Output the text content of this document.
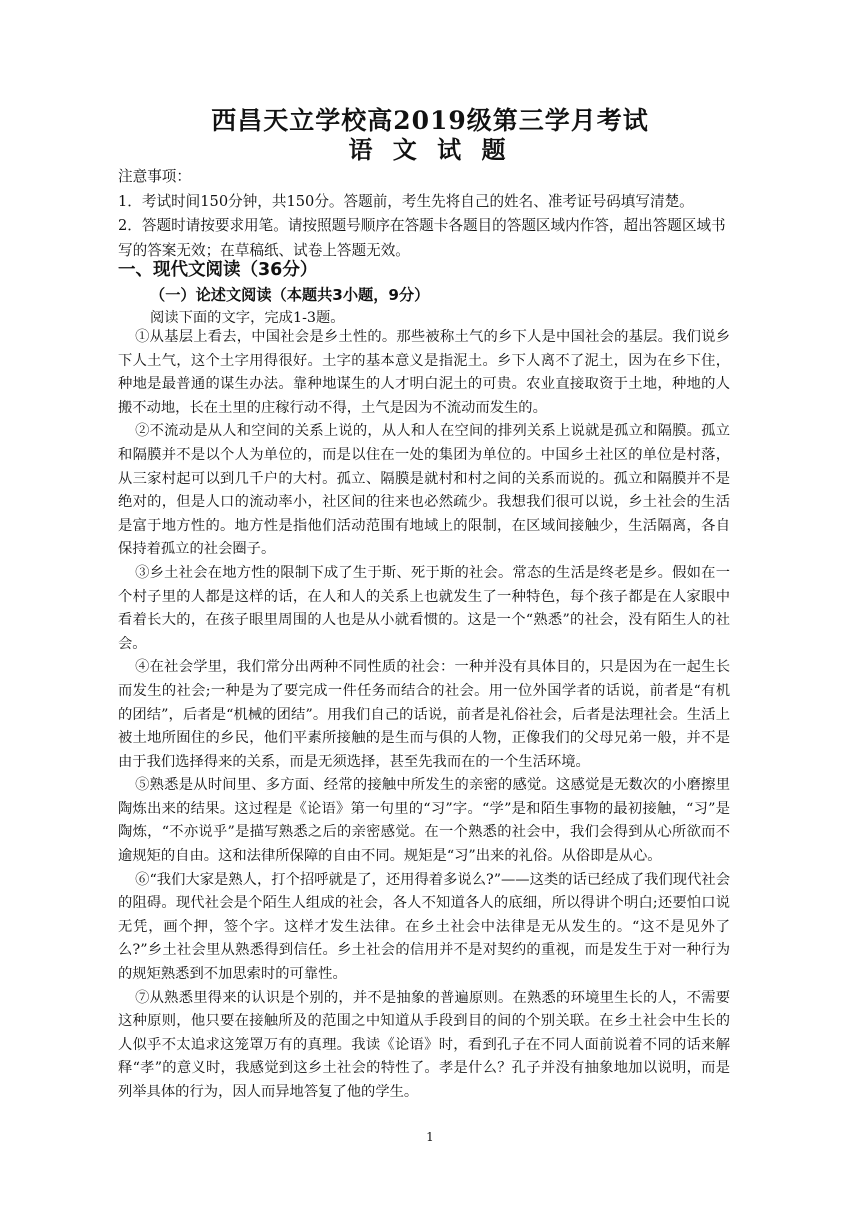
西昌天立学校高2019级第三学月考试
语 文 试 题

注意事项：

1．考试时间150分钟，共150分。答题前，考生先将自己的姓名、准考证号码填写清楚。

2．答题时请按要求用笔。请按照题号顺序在答题卡各题目的答题区域内作答，超出答题区域书写的答案无效；在草稿纸、试卷上答题无效。

一、现代文阅读（36分）
（一）论述文阅读（本题共3小题，9分）
阅读下面的文字，完成1-3题。

①从基层上看去，中国社会是乡土性的。那些被称土气的乡下人是中国社会的基层。我们说乡下人土气，这个土字用得很好。土字的基本意义是指泥土。乡下人离不了泥土，因为在乡下住，种地是最普通的谋生办法。靠种地谋生的人才明白泥土的可贵。农业直接取资于土地，种地的人搬不动地，长在土里的庄稼行动不得，土气是因为不流动而发生的。

②不流动是从人和空间的关系上说的，从人和人在空间的排列关系上说就是孤立和隔膜。孤立和隔膜并不是以个人为单位的，而是以住在一处的集团为单位的。中国乡土社区的单位是村落，从三家村起可以到几千户的大村。孤立、隔膜是就村和村之间的关系而说的。孤立和隔膜并不是绝对的，但是人口的流动率小，社区间的往来也必然疏少。我想我们很可以说，乡土社会的生活是富于地方性的。地方性是指他们活动范围有地域上的限制，在区域间接触少，生活隔离，各自保持着孤立的社会圈子。

③乡土社会在地方性的限制下成了生于斯、死于斯的社会。常态的生活是终老是乡。假如在一个村子里的人都是这样的话，在人和人的关系上也就发生了一种特色，每个孩子都是在人家眼中看着长大的，在孩子眼里周围的人也是从小就看惯的。这是一个“熟悉”的社会，没有陌生人的社会。

④在社会学里，我们常分出两种不同性质的社会：一种并没有具体目的，只是因为在一起生长而发生的社会;一种是为了要完成一件任务而结合的社会。用一位外国学者的话说，前者是“有机的团结”，后者是“机械的团结”。用我们自己的话说，前者是礼俗社会，后者是法理社会。生活上被土地所囿住的乡民，他们平素所接触的是生而与俱的人物，正像我们的父母兄弟一般，并不是由于我们选择得来的关系，而是无须选择，甚至先我而在的一个生活环境。

⑤熟悉是从时间里、多方面、经常的接触中所发生的亲密的感觉。这感觉是无数次的小磨擦里陶炼出来的结果。这过程是《论语》第一句里的“习”字。“学”是和陌生事物的最初接触，“习”是陶炼，“不亦说乎”是描写熟悉之后的亲密感觉。在一个熟悉的社会中，我们会得到从心所欲而不逾规矩的自由。这和法律所保障的自由不同。规矩是“习”出来的礼俗。从俗即是从心。

⑥“我们大家是熟人，打个招呼就是了，还用得着多说么?”——这类的话已经成了我们现代社会的阻碍。现代社会是个陌生人组成的社会，各人不知道各人的底细，所以得讲个明白;还要怕口说无凭，画个押，签个字。这样才发生法律。在乡土社会中法律是无从发生的。“这不是见外了么?”乡土社会里从熟悉得到信任。乡土社会的信用并不是对契约的重视，而是发生于对一种行为的规矩熟悉到不加思索时的可靠性。

⑦从熟悉里得来的认识是个别的，并不是抽象的普遍原则。在熟悉的环境里生长的人，不需要这种原则，他只要在接触所及的范围之中知道从手段到目的间的个别关联。在乡土社会中生长的人似乎不太追求这笼罩万有的真理。我读《论语》时，看到孔子在不同人面前说着不同的话来解释“孝”的意义时，我感觉到这乡土社会的特性了。孝是什么？孔子并没有抽象地加以说明，而是列举具体的行为，因人而异地答复了他的学生。

1
